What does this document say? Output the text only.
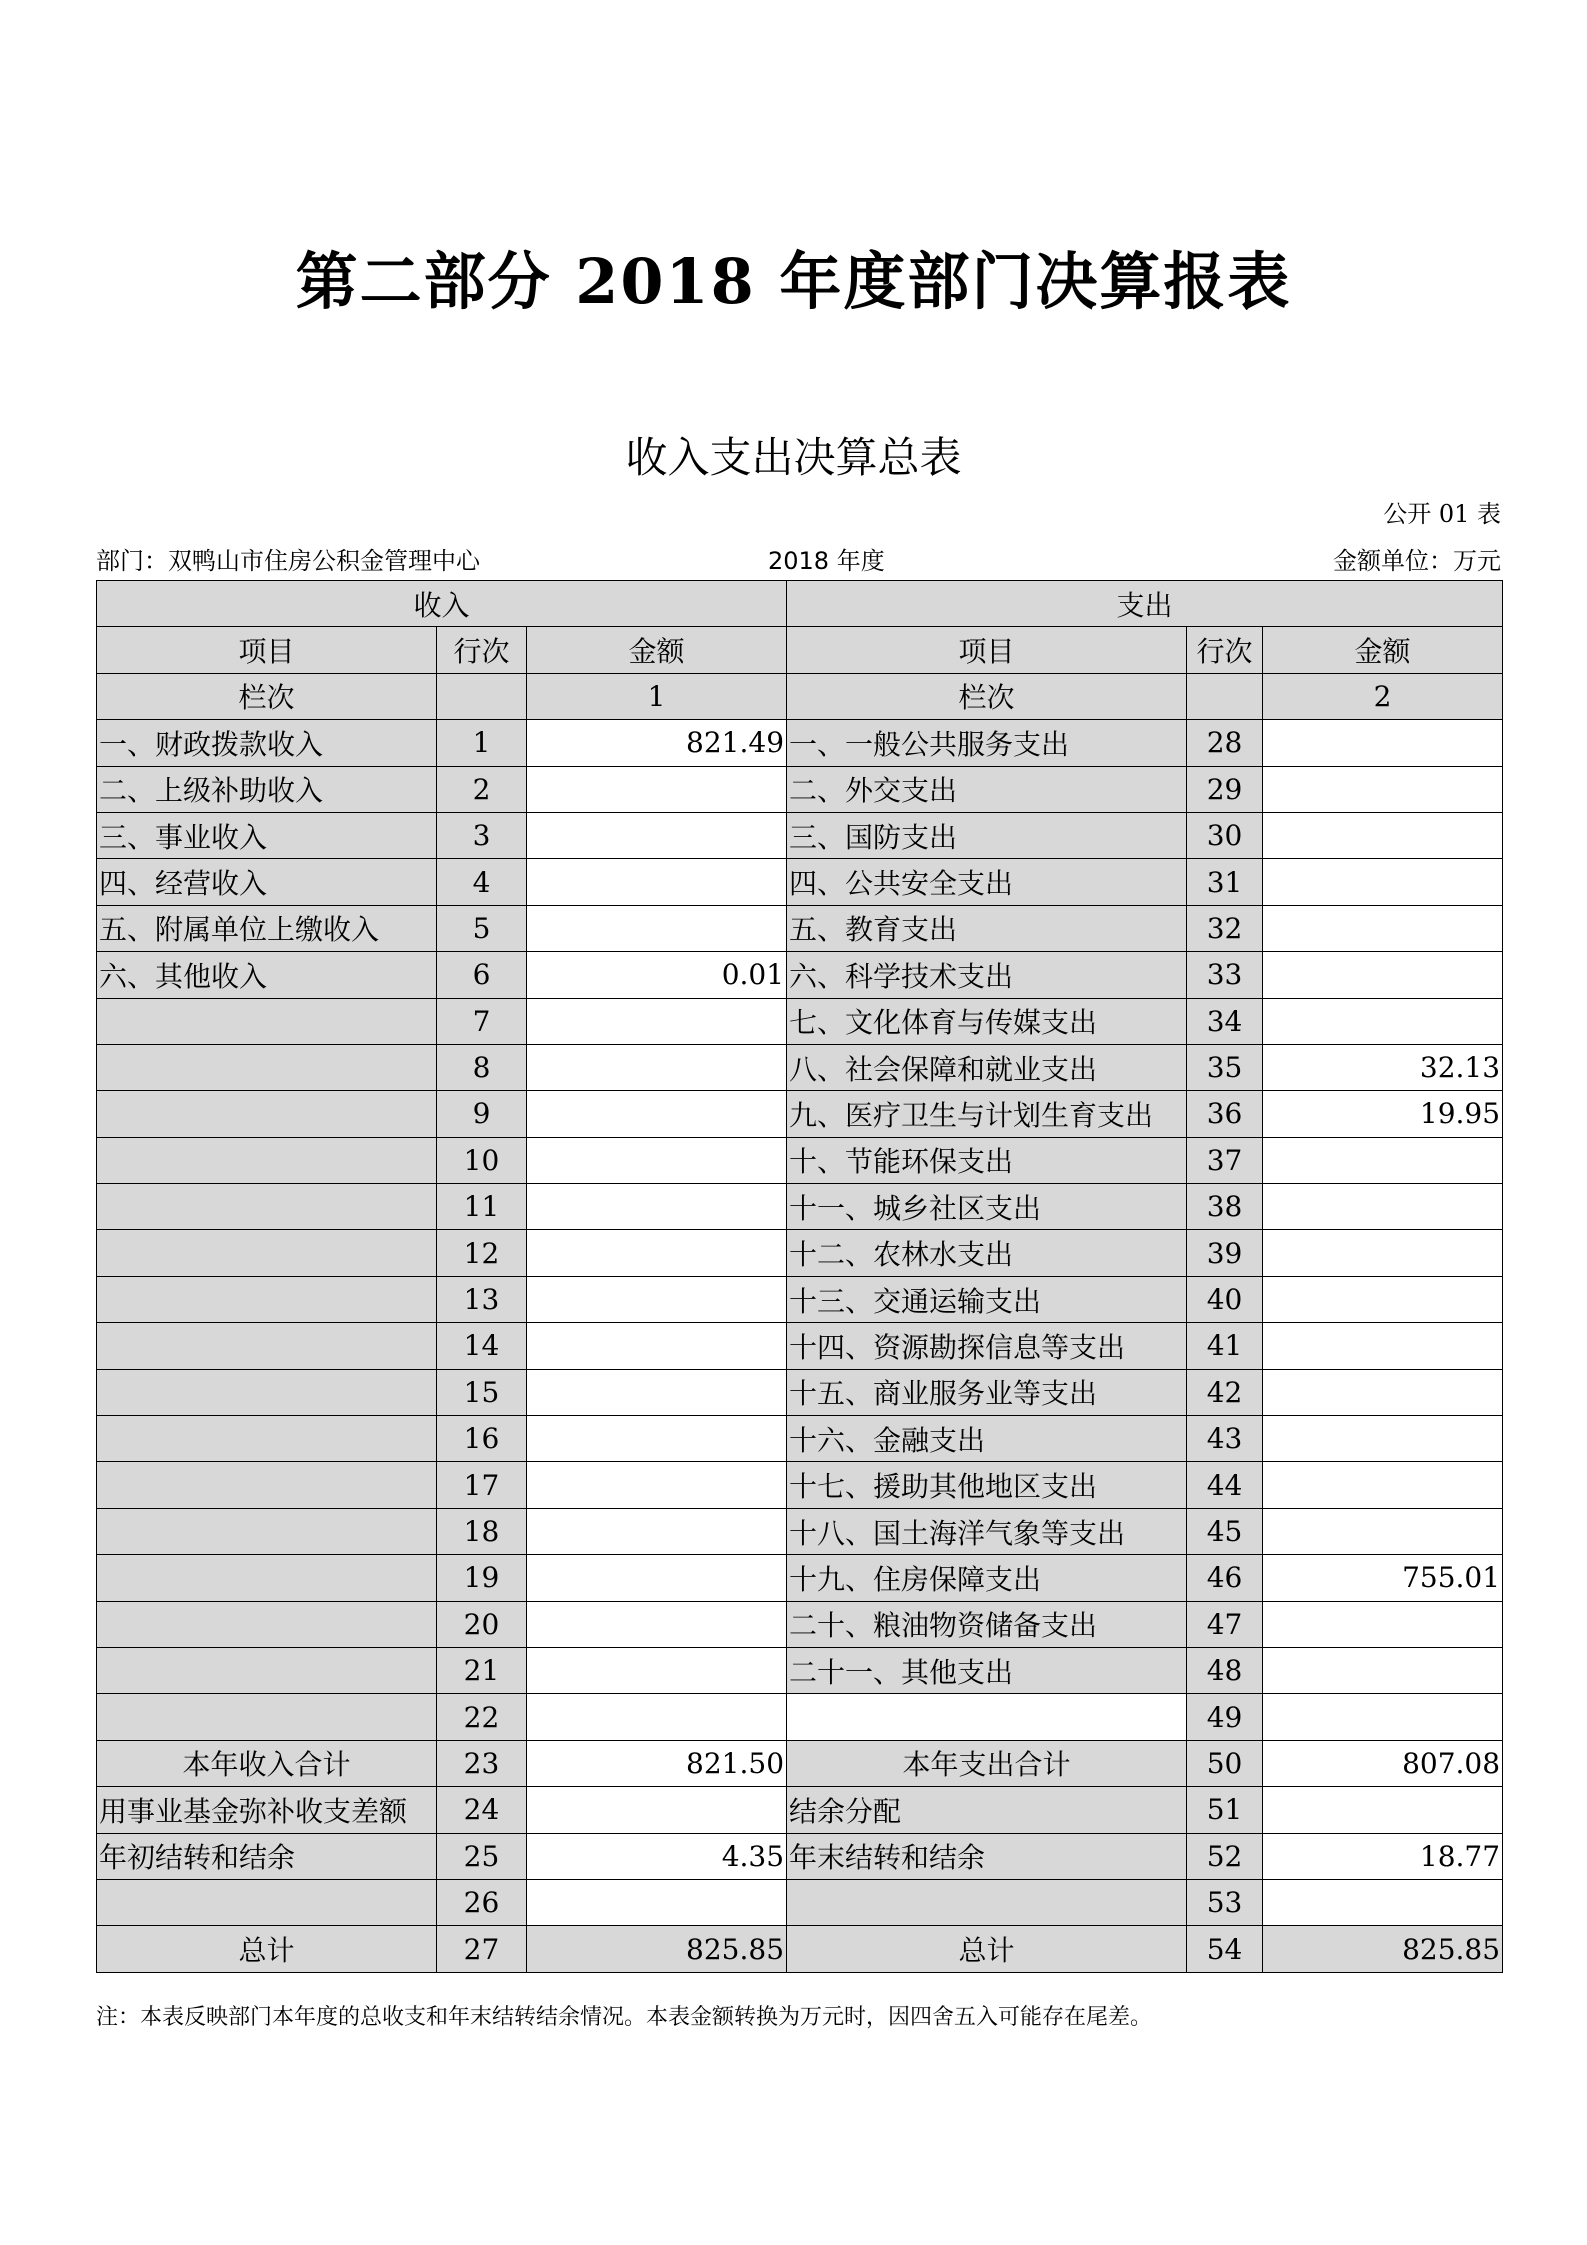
第二部分 2018 年度部门决算报表
收入支出决算总表
公开 01 表
部门：双鸭山市住房公积金管理中心	2018 年度	金额单位：万元
收入			支出		
项目	行次	金额	项目	行次	金额
栏次		1	栏次		2
一、财政拨款收入	1	821.49	一、一般公共服务支出	28	
二、上级补助收入	2		二、外交支出	29	
三、事业收入	3		三、国防支出	30	
四、经营收入	4		四、公共安全支出	31	
五、附属单位上缴收入	5		五、教育支出	32	
六、其他收入	6	0.01	六、科学技术支出	33	
	7		七、文化体育与传媒支出	34	
	8		八、社会保障和就业支出	35	32.13
	9		九、医疗卫生与计划生育支出	36	19.95
	10		十、节能环保支出	37	
	11		十一、城乡社区支出	38	
	12		十二、农林水支出	39	
	13		十三、交通运输支出	40	
	14		十四、资源勘探信息等支出	41	
	15		十五、商业服务业等支出	42	
	16		十六、金融支出	43	
	17		十七、援助其他地区支出	44	
	18		十八、国土海洋气象等支出	45	
	19		十九、住房保障支出	46	755.01
	20		二十、粮油物资储备支出	47	
	21		二十一、其他支出	48	
	22			49	
本年收入合计	23	821.50	本年支出合计	50	807.08
用事业基金弥补收支差额	24		结余分配	51	
年初结转和结余	25	4.35	年末结转和结余	52	18.77
	26			53	
总计	27	825.85	总计	54	825.85
注：本表反映部门本年度的总收支和年末结转结余情况。本表金额转换为万元时，因四舍五入可能存在尾差。
